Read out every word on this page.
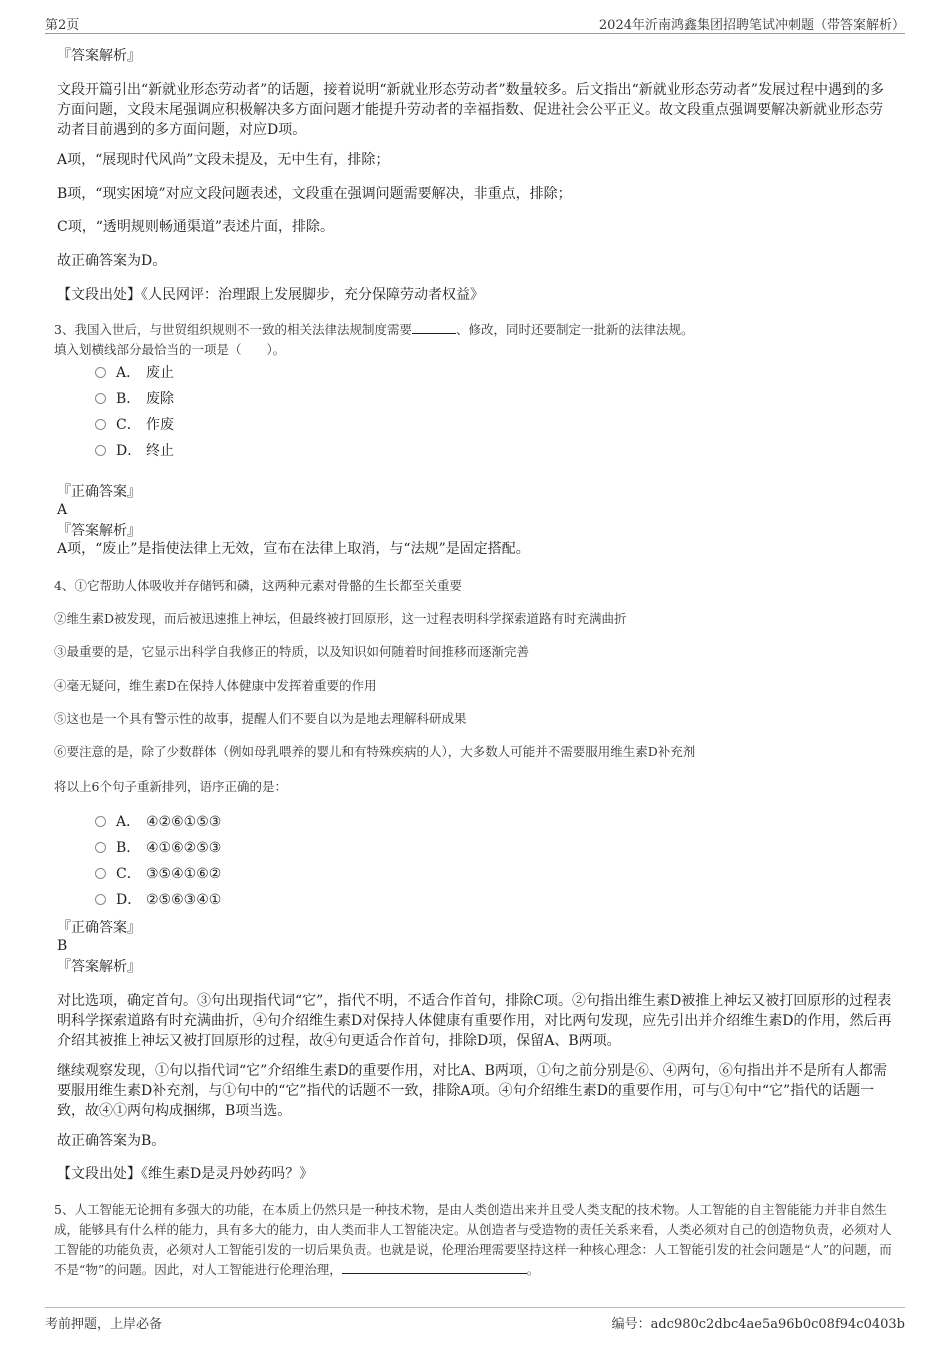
第2页	2024年沂南鸿鑫集团招聘笔试冲刺题（带答案解析）
『答案解析』
文段开篇引出“新就业形态劳动者”的话题，接着说明“新就业形态劳动者”数量较多。后文指出“新就业形态劳动者”发展过程中遇到的多方面问题，文段末尾强调应积极解决多方面问题才能提升劳动者的幸福指数、促进社会公平正义。故文段重点强调要解决新就业形态劳动者目前遇到的多方面问题，对应D项。
A项，“展现时代风尚”文段未提及，无中生有，排除；
B项，“现实困境”对应文段问题表述，文段重在强调问题需要解决，非重点，排除；
C项，“透明规则畅通渠道”表述片面，排除。
故正确答案为D。
【文段出处】《人民网评：治理跟上发展脚步，充分保障劳动者权益》
3、我国入世后，与世贸组织规则不一致的相关法律法规制度需要	、修改，同时还要制定一批新的法律法规。
填入划横线部分最恰当的一项是（　　）。
A． 废止
B． 废除
C． 作废
D． 终止
『正确答案』
A
『答案解析』
A项，“废止”是指使法律上无效，宣布在法律上取消，与“法规”是固定搭配。
4、①它帮助人体吸收并存储钙和磷，这两种元素对骨骼的生长都至关重要
②维生素D被发现，而后被迅速推上神坛，但最终被打回原形，这一过程表明科学探索道路有时充满曲折
③最重要的是，它显示出科学自我修正的特质，以及知识如何随着时间推移而逐渐完善
④毫无疑问，维生素D在保持人体健康中发挥着重要的作用
⑤这也是一个具有警示性的故事，提醒人们不要自以为是地去理解科研成果
⑥要注意的是，除了少数群体（例如母乳喂养的婴儿和有特殊疾病的人），大多数人可能并不需要服用维生素D补充剂
将以上6个句子重新排列，语序正确的是：
A． ④②⑥①⑤③
B． ④①⑥②⑤③
C． ③⑤④①⑥②
D． ②⑤⑥③④①
『正确答案』
B
『答案解析』
对比选项，确定首句。③句出现指代词“它”，指代不明，不适合作首句，排除C项。②句指出维生素D被推上神坛又被打回原形的过程表明科学探索道路有时充满曲折，④句介绍维生素D对保持人体健康有重要作用，对比两句发现，应先引出并介绍维生素D的作用，然后再介绍其被推上神坛又被打回原形的过程，故④句更适合作首句，排除D项，保留A、B两项。
继续观察发现，①句以指代词“它”介绍维生素D的重要作用，对比A、B两项，①句之前分别是⑥、④两句，⑥句指出并不是所有人都需要服用维生素D补充剂，与①句中的“它”指代的话题不一致，排除A项。④句介绍维生素D的重要作用，可与①句中“它”指代的话题一致，故④①两句构成捆绑，B项当选。
故正确答案为B。
【文段出处】《维生素D是灵丹妙药吗？》
5、人工智能无论拥有多强大的功能，在本质上仍然只是一种技术物，是由人类创造出来并且受人类支配的技术物。人工智能的自主智能能力并非自然生成，能够具有什么样的能力，具有多大的能力，由人类而非人工智能决定。从创造者与受造物的责任关系来看，人类必须对自己的创造物负责，必须对人工智能的功能负责，必须对人工智能引发的一切后果负责。也就是说，伦理治理需要坚持这样一种核心理念：人工智能引发的社会问题是“人”的问题，而不是“物”的问题。因此，对人工智能进行伦理治理，	。
考前押题，上岸必备	编号：adc980c2dbc4ae5a96b0c08f94c0403b
